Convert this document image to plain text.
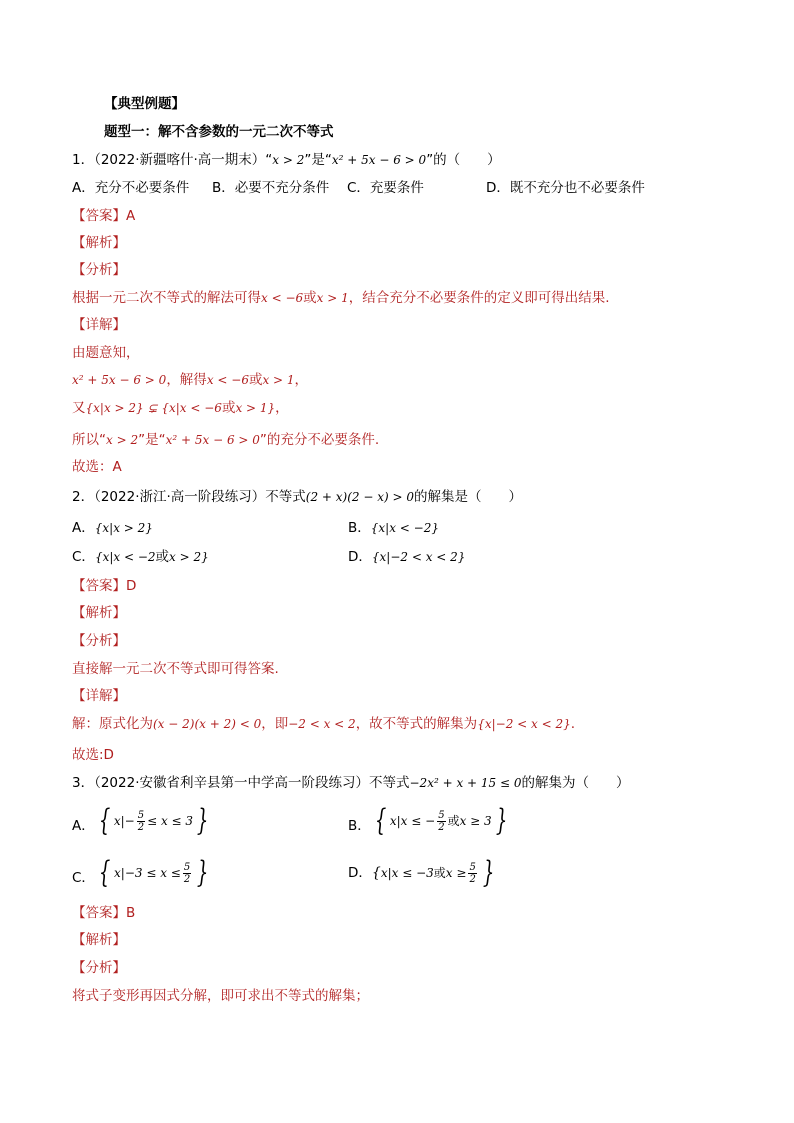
【典型例题】
题型一：解不含参数的一元二次不等式
1．（2022·新疆喀什·高一期末）“x > 2”是“x² + 5x − 6 > 0”的（　　）
A．充分不必要条件 B．必要不充分条件 C．充要条件	D．既不充分也不必要条件
【答案】A
【解析】
【分析】
根据一元二次不等式的解法可得x < −6或x > 1，结合充分不必要条件的定义即可得出结果.
【详解】
由题意知，
x² + 5x − 6 > 0，解得x < −6或x > 1，
又{x|x > 2} ⊊ {x|x < −6或x > 1}，
所以“x > 2”是“x² + 5x − 6 > 0”的充分不必要条件.
故选：A
2．（2022·浙江·高一阶段练习）不等式(2 + x)(2 − x) > 0的解集是（　　）
A．{x|x > 2}	B．{x|x < −2}
C．{x|x < −2或x > 2}	D．{x|−2 < x < 2}
【答案】D
【解析】
【分析】
直接解一元二次不等式即可得答案.
【详解】
解：原式化为(x − 2)(x + 2) < 0，即−2 < x < 2，故不等式的解集为{x|−2 < x < 2}.
故选:D
3．（2022·安徽省利辛县第一中学高一阶段练习）不等式−2x² + x + 15 ≤ 0的解集为（　　）
A． { $x|- \frac{5}{2} \le x \le 3$ }	B． { x|x ≤ − $\frac{5}{2}$ 或 x ≥ 3 }
C． { $x|-3 \le x \le \frac{5}{2}$ }	D． { x|x ≤ −3 或 $x \ge \frac{5}{2}$ }
【答案】B
【解析】
【分析】
将式子变形再因式分解，即可求出不等式的解集；
